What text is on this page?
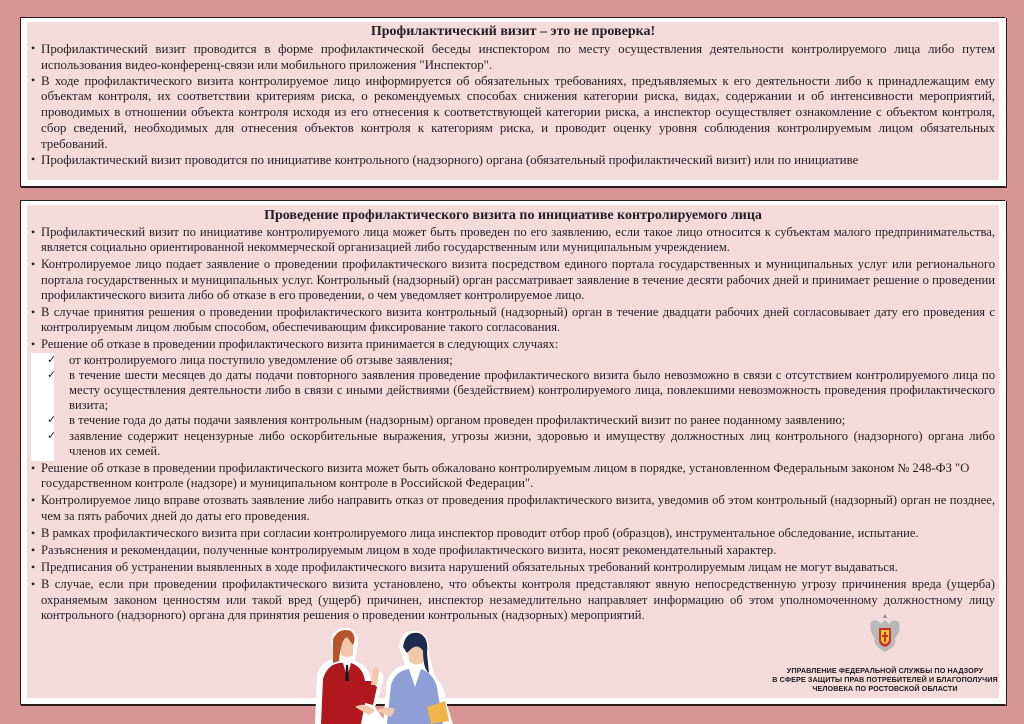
Профилактический визит – это не проверка!
• Профилактический визит проводится в форме профилактической беседы инспектором по месту осуществления деятельности контролируемого лица либо путем использования видео-конференц-связи или мобильного приложения "Инспектор".
• В ходе профилактического визита контролируемое лицо информируется об обязательных требованиях, предъявляемых к его деятельности либо к принадлежащим ему объектам контроля, их соответствии критериям риска, о рекомендуемых способах снижения категории риска, видах, содержании и об интенсивности мероприятий, проводимых в отношении объекта контроля исходя из его отнесения к соответствующей категории риска, а инспектор осуществляет ознакомление с объектом контроля, сбор сведений, необходимых для отнесения объектов контроля к категориям риска, и проводит оценку уровня соблюдения контролируемым лицом обязательных требований.
• Профилактический визит проводится по инициативе контрольного (надзорного) органа (обязательный профилактический визит) или по инициативе
Проведение профилактического визита по инициативе контролируемого лица
• Профилактический визит по инициативе контролируемого лица может быть проведен по его заявлению, если такое лицо относится к субъектам малого предпринимательства, является социально ориентированной некоммерческой организацией либо государственным или муниципальным учреждением.
• Контролируемое лицо подает заявление о проведении профилактического визита посредством единого портала государственных и муниципальных услуг или регионального портала государственных и муниципальных услуг. Контрольный (надзорный) орган рассматривает заявление в течение десяти рабочих дней и принимает решение о проведении профилактического визита либо об отказе в его проведении, о чем уведомляет контролируемое лицо.
• В случае принятия решения о проведении профилактического визита контрольный (надзорный) орган в течение двадцати рабочих дней согласовывает дату его проведения с контролируемым лицом любым способом, обеспечивающим фиксирование такого согласования.
• Решение об отказе в проведении профилактического визита принимается в следующих случаях:
✓ от контролируемого лица поступило уведомление об отзыве заявления;
✓ в течение шести месяцев до даты подачи повторного заявления проведение профилактического визита было невозможно в связи с отсутствием контролируемого лица по месту осуществления деятельности либо в связи с иными действиями (бездействием) контролируемого лица, повлекшими невозможность проведения профилактического визита;
✓ в течение года до даты подачи заявления контрольным (надзорным) органом проведен профилактический визит по ранее поданному заявлению;
✓ заявление содержит нецензурные либо оскорбительные выражения, угрозы жизни, здоровью и имуществу должностных лиц контрольного (надзорного) органа либо членов их семей.
• Решение об отказе в проведении профилактического визита может быть обжаловано контролируемым лицом в порядке, установленном Федеральным законом № 248-ФЗ "О государственном контроле (надзоре) и муниципальном контроле в Российской Федерации".
• Контролируемое лицо вправе отозвать заявление либо направить отказ от проведения профилактического визита, уведомив об этом контрольный (надзорный) орган не позднее, чем за пять рабочих дней до даты его проведения.
• В рамках профилактического визита при согласии контролируемого лица инспектор проводит отбор проб (образцов), инструментальное обследование, испытание.
• Разъяснения и рекомендации, полученные контролируемым лицом в ходе профилактического визита, носят рекомендательный характер.
• Предписания об устранении выявленных в ходе профилактического визита нарушений обязательных требований контролируемым лицам не могут выдаваться.
• В случае, если при проведении профилактического визита установлено, что объекты контроля представляют явную непосредственную угрозу причинения вреда (ущерба) охраняемым законом ценностям или такой вред (ущерб) причинен, инспектор незамедлительно направляет информацию об этом уполномоченному должностному лицу контрольного (надзорного) органа для принятия решения о проведении контрольных (надзорных) мероприятий.
УПРАВЛЕНИЕ ФЕДЕРАЛЬНОЙ СЛУЖБЫ ПО НАДЗОРУ
В СФЕРЕ ЗАЩИТЫ ПРАВ ПОТРЕБИТЕЛЕЙ И БЛАГОПОЛУЧИЯ
ЧЕЛОВЕКА ПО РОСТОВСКОЙ ОБЛАСТИ
